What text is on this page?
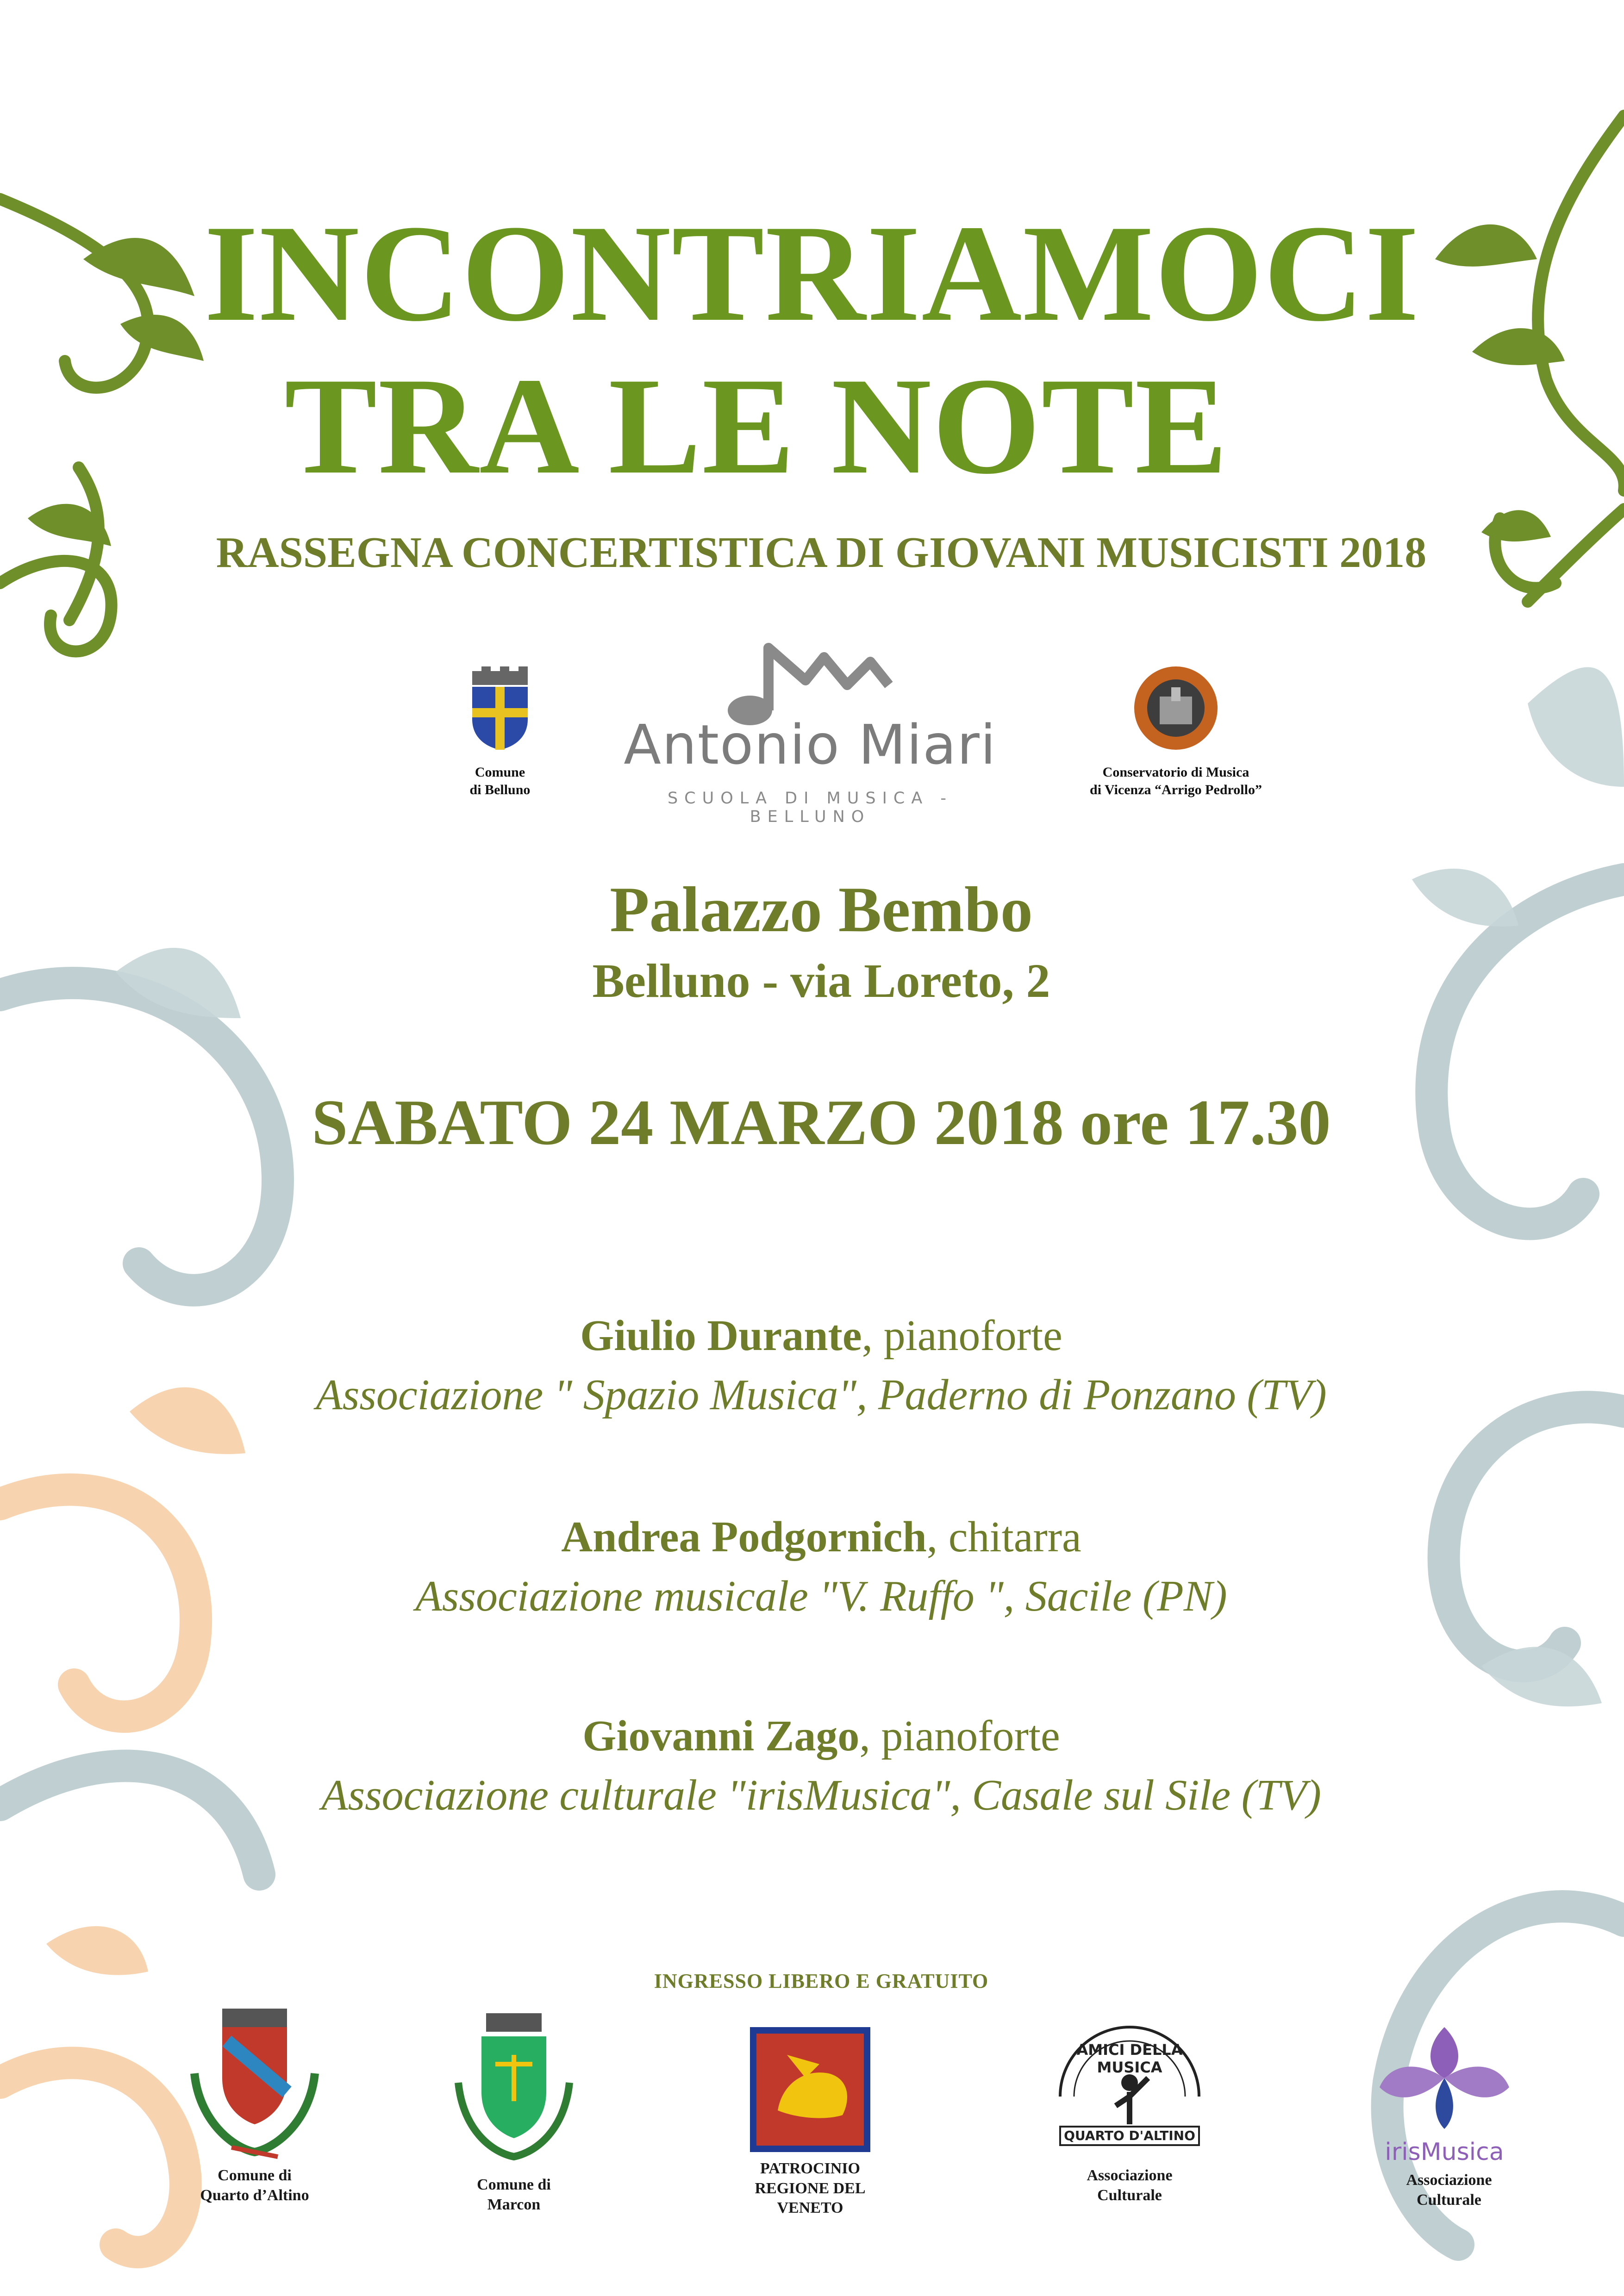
INCONTRIAMOCI
TRA LE NOTE
RASSEGNA CONCERTISTICA DI GIOVANI MUSICISTI 2018
Comune
di Belluno
Antonio Miari
SCUOLA DI MUSICA - BELLUNO
Conservatorio di Musica
di Vicenza “Arrigo Pedrollo”
Palazzo Bembo
Belluno - via Loreto, 2
SABATO 24 MARZO 2018 ore 17.30
Giulio Durante, pianoforte
Associazione " Spazio Musica", Paderno di Ponzano (TV)
Andrea Podgornich, chitarra
Associazione musicale "V. Ruffo ", Sacile (PN)
Giovanni Zago, pianoforte
Associazione culturale "irisMusica", Casale sul Sile (TV)
INGRESSO LIBERO E GRATUITO
Comune di
Quarto d’Altino
Comune di
Marcon
PATROCINIO
REGIONE DEL VENETO
AMICI DELLA MUSICA
QUARTO D'ALTINO
Associazione
Culturale
irisMusica
Associazione
Culturale
